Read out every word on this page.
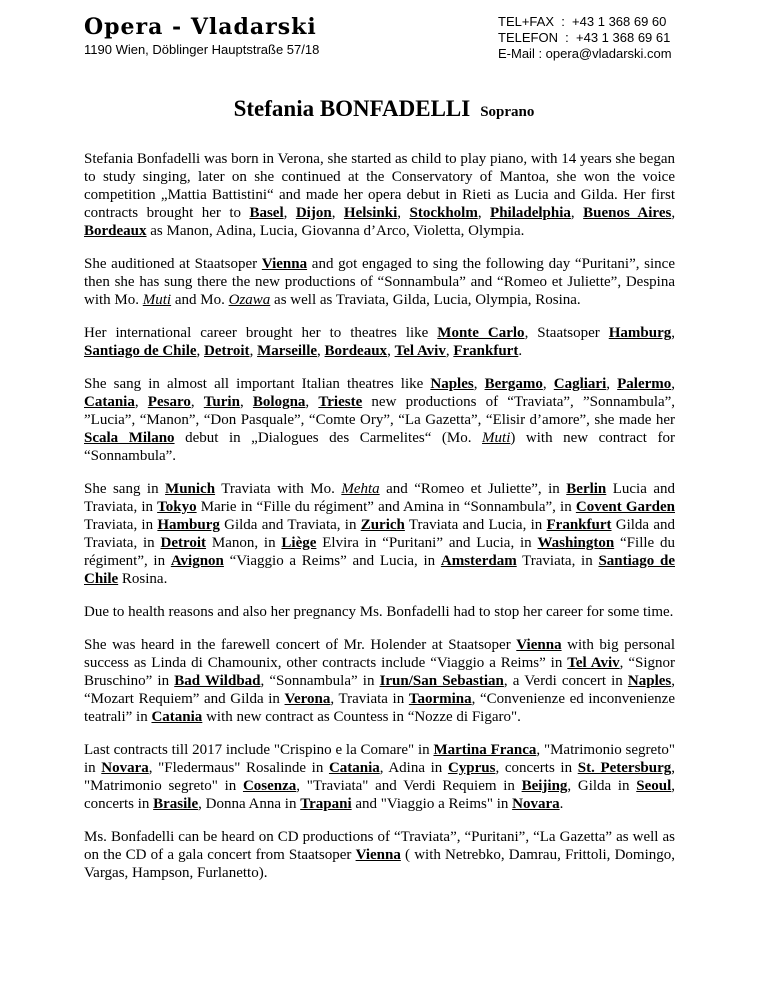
Opera - Vladarski
1190 Wien, Döblinger Hauptstraße 57/18
TEL+FAX  :  +43 1 368 69 60
TELEFON  :  +43 1 368 69 61
E-Mail : opera@vladarski.com
Stefania BONFADELLI Soprano

Stefania Bonfadelli was born in Verona, she started as child to play piano, with 14 years she began to study singing, later on she continued at the Conservatory of Mantoa, she won the voice competition „Mattia Battistini“ and made her opera debut in Rieti as Lucia and Gilda. Her first contracts brought her to Basel, Dijon, Helsinki, Stockholm, Philadelphia, Buenos Aires, Bordeaux as Manon, Adina, Lucia, Giovanna d’Arco, Violetta, Olympia.

She auditioned at Staatsoper Vienna and got engaged to sing the following day “Puritani”, since then she has sung there the new productions of “Sonnambula” and “Romeo et Juliette”, Despina with Mo. Muti and Mo. Ozawa as well as Traviata, Gilda, Lucia, Olympia, Rosina.

Her international career brought her to theatres like Monte Carlo, Staatsoper Hamburg, Santiago de Chile, Detroit, Marseille, Bordeaux, Tel Aviv, Frankfurt.

She sang in almost all important Italian theatres like Naples, Bergamo, Cagliari, Palermo, Catania, Pesaro, Turin, Bologna, Trieste new productions of “Traviata”, ”Sonnambula”, ”Lucia”, “Manon”, “Don Pasquale”, “Comte Ory”, “La Gazetta”, “Elisir d’amore”, she made her Scala Milano debut in „Dialogues des Carmelites“ (Mo. Muti) with new contract for “Sonnambula”.

She sang in Munich Traviata with Mo. Mehta and “Romeo et Juliette”, in Berlin Lucia and Traviata, in Tokyo Marie in “Fille du régiment” and Amina in “Sonnambula”, in Covent Garden Traviata, in Hamburg Gilda and Traviata, in Zurich Traviata and Lucia, in Frankfurt Gilda and Traviata, in Detroit Manon, in Liège Elvira in “Puritani” and Lucia, in Washington “Fille du régiment”, in Avignon “Viaggio a Reims” and Lucia, in Amsterdam Traviata, in Santiago de Chile Rosina.

Due to health reasons and also her pregnancy Ms. Bonfadelli had to stop her career for some time.

She was heard in the farewell concert of Mr. Holender at Staatsoper Vienna with big personal success as Linda di Chamounix, other contracts include “Viaggio a Reims” in Tel Aviv, “Signor Bruschino” in Bad Wildbad, “Sonnambula” in Irun/San Sebastian, a Verdi concert in Naples, “Mozart Requiem” and Gilda in Verona, Traviata in Taormina, “Convenienze ed inconvenienze teatrali” in Catania with new contract as Countess in “Nozze di Figaro".

Last contracts till 2017 include "Crispino e la Comare" in Martina Franca, "Matrimonio segreto" in Novara, "Fledermaus" Rosalinde in Catania, Adina in Cyprus, concerts in St. Petersburg, "Matrimonio segreto" in Cosenza, "Traviata" and Verdi Requiem in Beijing, Gilda in Seoul, concerts in Brasile, Donna Anna in Trapani and "Viaggio a Reims" in Novara.

Ms. Bonfadelli can be heard on CD productions of “Traviata”, “Puritani”, “La Gazetta” as well as on the CD of a gala concert from Staatsoper Vienna ( with Netrebko, Damrau, Frittoli, Domingo, Vargas, Hampson, Furlanetto).
